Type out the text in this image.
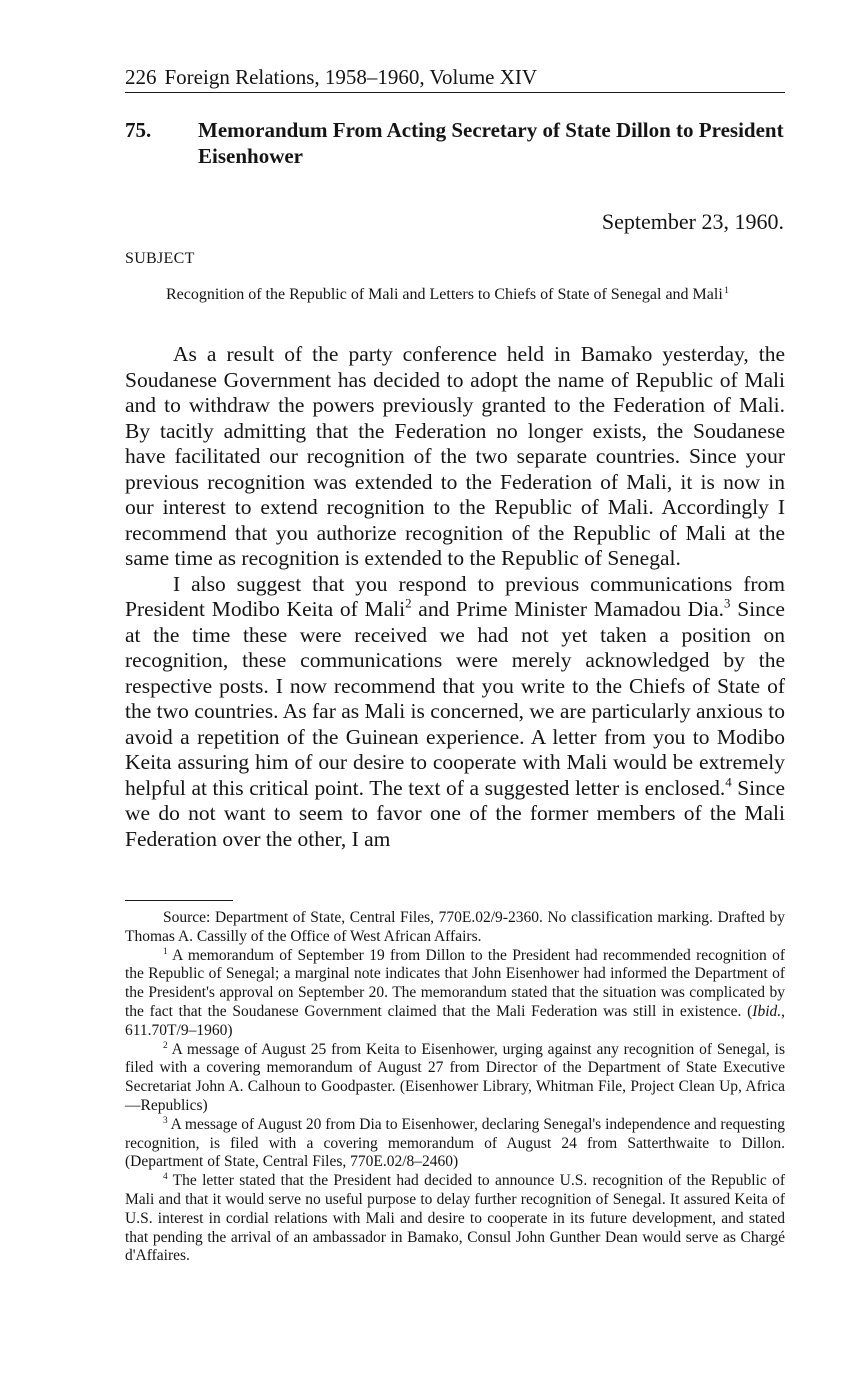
226 Foreign Relations, 1958–1960, Volume XIV
75. Memorandum From Acting Secretary of State Dillon to President Eisenhower
September 23, 1960.
SUBJECT
Recognition of the Republic of Mali and Letters to Chiefs of State of Senegal and Mali $^1$

As a result of the party conference held in Bamako yesterday, the Soudanese Government has decided to adopt the name of Republic of Mali and to withdraw the powers previously granted to the Federation of Mali. By tacitly admitting that the Federation no longer exists, the Soudanese have facilitated our recognition of the two separate countries. Since your previous recognition was extended to the Federation of Mali, it is now in our interest to extend recognition to the Republic of Mali. Accordingly I recommend that you authorize recognition of the Republic of Mali at the same time as recognition is extended to the Republic of Senegal.

I also suggest that you respond to previous communications from President Modibo Keita of Mali$^2$ and Prime Minister Mamadou Dia.$^3$ Since at the time these were received we had not yet taken a position on recognition, these communications were merely acknowledged by the respective posts. I now recommend that you write to the Chiefs of State of the two countries. As far as Mali is concerned, we are particularly anxious to avoid a repetition of the Guinean experience. A letter from you to Modibo Keita assuring him of our desire to cooperate with Mali would be extremely helpful at this critical point. The text of a suggested letter is enclosed.$^4$ Since we do not want to seem to favor one of the former members of the Mali Federation over the other, I am

Source: Department of State, Central Files, 770E.02/9-2360. No classification marking. Drafted by Thomas A. Cassilly of the Office of West African Affairs.

$^1$ A memorandum of September 19 from Dillon to the President had recommended recognition of the Republic of Senegal; a marginal note indicates that John Eisenhower had informed the Department of the President's approval on September 20. The memorandum stated that the situation was complicated by the fact that the Soudanese Government claimed that the Mali Federation was still in existence. (Ibid., 611.70T/9–1960)

$^2$ A message of August 25 from Keita to Eisenhower, urging against any recognition of Senegal, is filed with a covering memorandum of August 27 from Director of the Department of State Executive Secretariat John A. Calhoun to Goodpaster. (Eisenhower Library, Whitman File, Project Clean Up, Africa—Republics)

$^3$ A message of August 20 from Dia to Eisenhower, declaring Senegal's independence and requesting recognition, is filed with a covering memorandum of August 24 from Satterthwaite to Dillon. (Department of State, Central Files, 770E.02/8–2460)

$^4$ The letter stated that the President had decided to announce U.S. recognition of the Republic of Mali and that it would serve no useful purpose to delay further recognition of Senegal. It assured Keita of U.S. interest in cordial relations with Mali and desire to cooperate in its future development, and stated that pending the arrival of an ambassador in Bamako, Consul John Gunther Dean would serve as Chargé d'Affaires.
